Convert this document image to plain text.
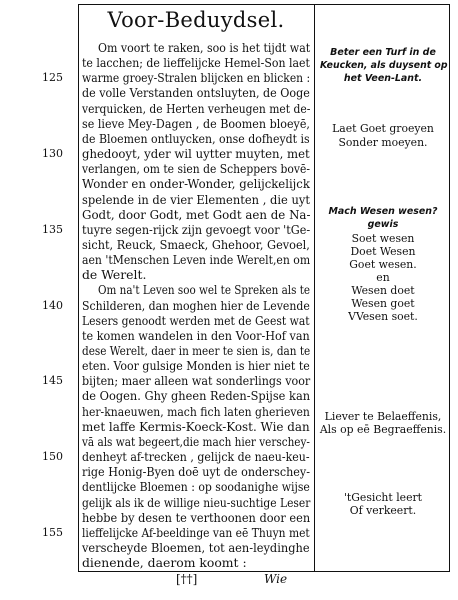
Voor-Beduydsel.
Om voort te raken, soo is het tijdt wat
te lacchen; de lieffelijcke Hemel-Son laet
warme groey-Stralen blijcken en blicken :
de volle Verstanden ontsluyten, de Ooge
verquicken, de Herten verheugen met de-
se lieve Mey-Dagen , de Boomen bloeyē,
de Bloemen ontluycken, onse dofheydt is
ghedooyt, yder wil uytter muyten, met
verlangen, om te sien de Scheppers bovē-
Wonder en onder-Wonder, gelijckelijck
spelende in de vier Elementen , die uyt
Godt, door Godt, met Godt aen de Na-
tuyre segen-rijck zijn gevoegt voor 'tGe-
sicht, Reuck, Smaeck, Ghehoor, Gevoel,
aen 'tMenschen Leven inde Werelt,en om
de Werelt.
Om na't Leven soo wel te Spreken als te
Schilderen, dan moghen hier de Levende
Lesers genoodt werden met de Geest wat
te komen wandelen in den Voor-Hof van
dese Werelt, daer in meer te sien is, dan te
eten. Voor gulsige Monden is hier niet te
bijten; maer alleen wat sonderlings voor
de Oogen. Ghy gheen Reden-Spijse kan
her-knaeuwen, mach fich laten gherieven
met laffe Kermis-Koeck-Kost. Wie dan
vā als wat begeert,die mach hier verschey-
denheyt af-trecken , gelijck de naeu-keu-
rige Honig-Byen doē uyt de onderschey-
dentlijcke Bloemen : op soodanighe wijse
gelijk als ik de willige nieu-suchtige Leser
hebbe by desen te verthoonen door een
lieffelijcke Af-beeldinge van eē Thuyn met
verscheyde Bloemen, tot aen-leydinghe
dienende, daerom koomt :
125
130
135
140
145
150
155
Beter een Turf in de
Keucken, als duysent op
het Veen-Lant.
Laet Goet groeyen
Sonder moeyen.
Mach Wesen wesen?
gewis
Soet wesen
Doet Wesen
Goet wesen.
en
Wesen doet
Wesen goet
VVesen soet.
Liever te Belaeffenis,
Als op eē Begraeffenis.
'tGesicht leert
Of verkeert.
[††]	Wie
